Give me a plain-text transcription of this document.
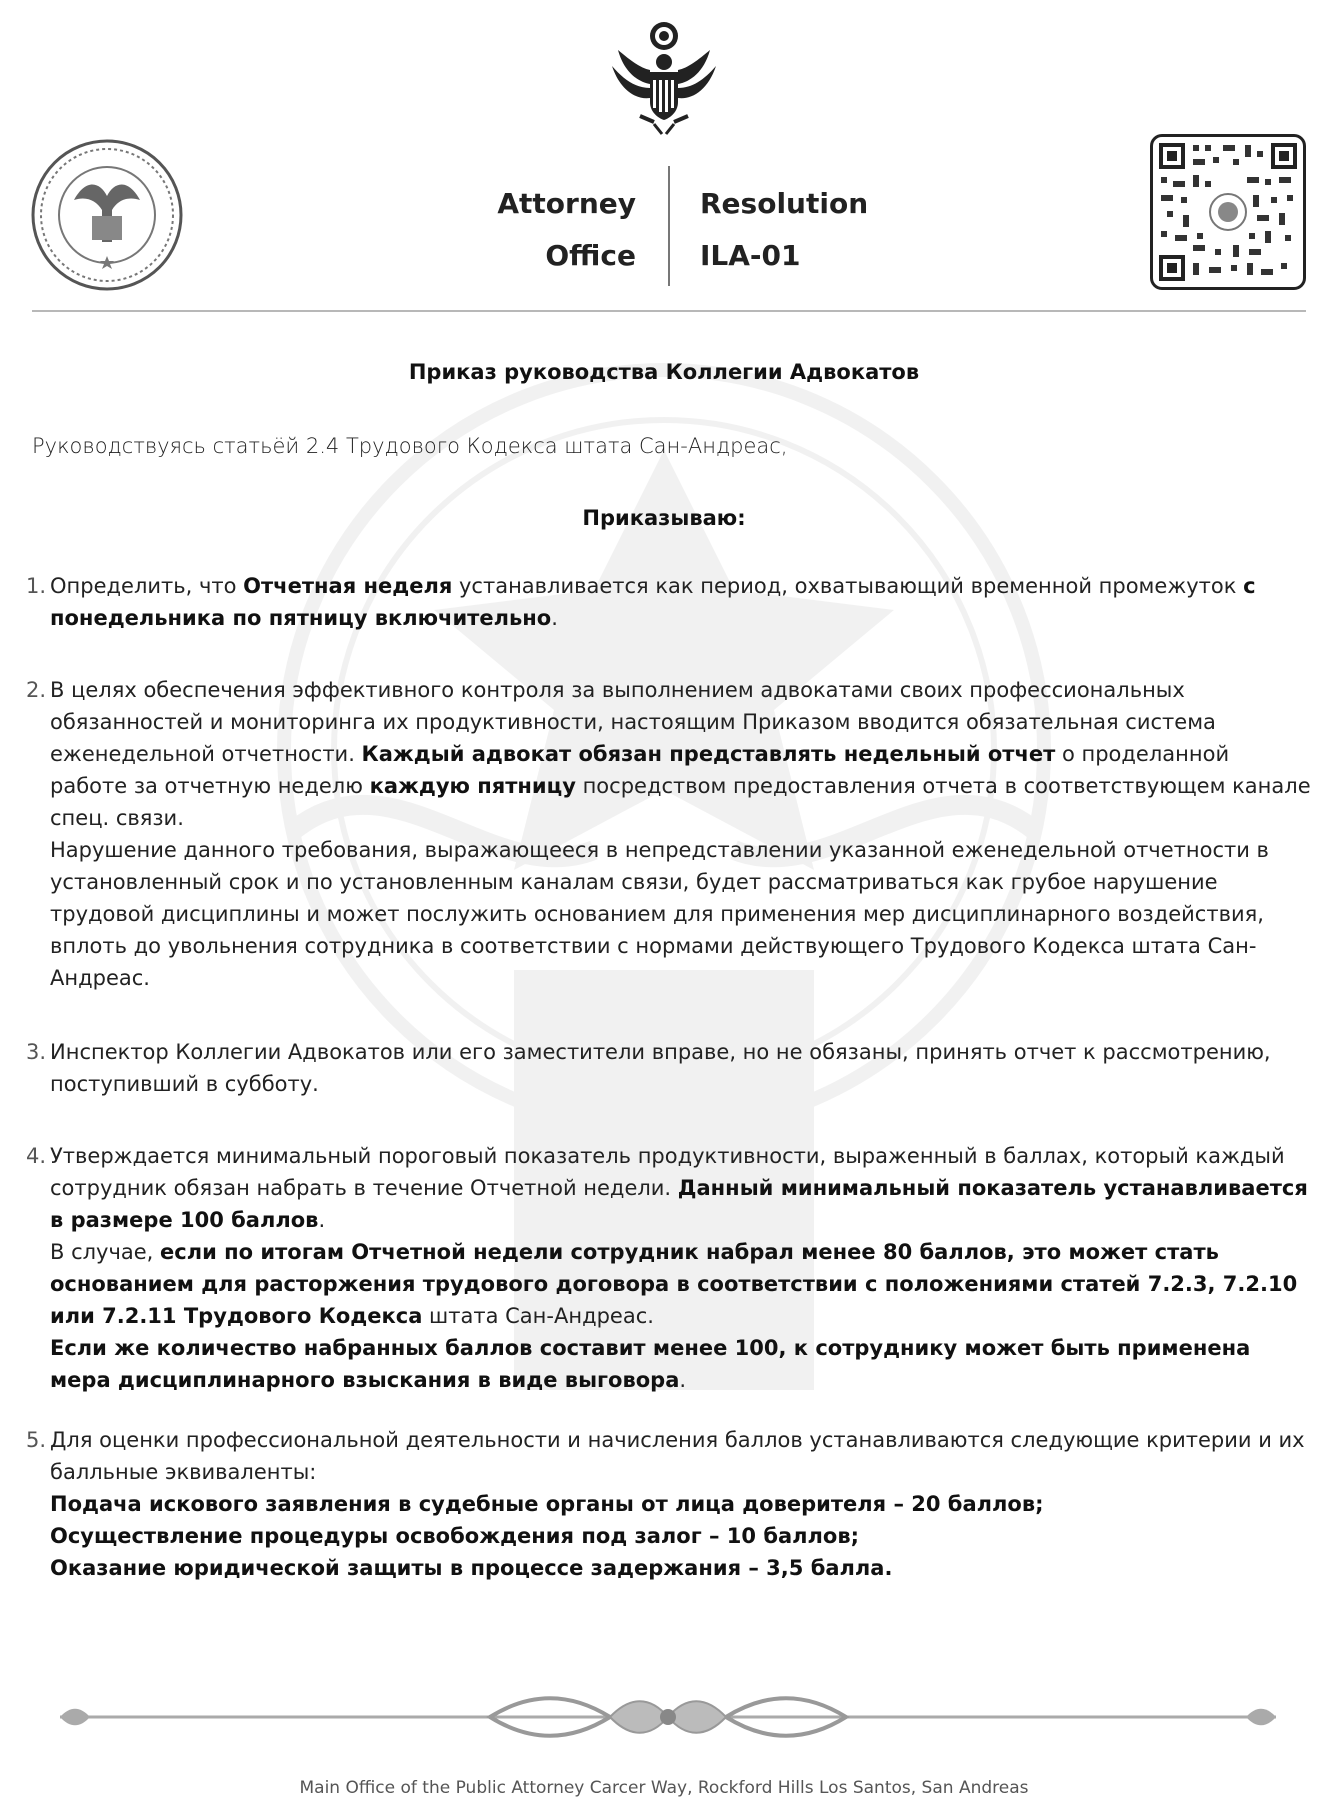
Attorney
Office
Resolution
ILA-01
Приказ руководства Коллегии Адвокатов
Руководствуясь статьёй 2.4 Трудового Кодекса штата Сан-Андреас,
Приказываю:
1. Определить, что Отчетная неделя устанавливается как период, охватывающий временной промежуток с понедельника по пятницу включительно.

2. В целях обеспечения эффективного контроля за выполнением адвокатами своих профессиональных обязанностей и мониторинга их продуктивности, настоящим Приказом вводится обязательная система еженедельной отчетности. Каждый адвокат обязан представлять недельный отчет о проделанной работе за отчетную неделю каждую пятницу посредством предоставления отчета в соответствующем канале спец. связи.

Нарушение данного требования, выражающееся в непредставлении указанной еженедельной отчетности в установленный срок и по установленным каналам связи, будет рассматриваться как грубое нарушение трудовой дисциплины и может послужить основанием для применения мер дисциплинарного воздействия, вплоть до увольнения сотрудника в соответствии с нормами действующего Трудового Кодекса штата Сан-Андреас.

3. Инспектор Коллегии Адвокатов или его заместители вправе, но не обязаны, принять отчет к рассмотрению, поступивший в субботу.

4. Утверждается минимальный пороговый показатель продуктивности, выраженный в баллах, который каждый сотрудник обязан набрать в течение Отчетной недели. Данный минимальный показатель устанавливается в размере 100 баллов.

В случае, если по итогам Отчетной недели сотрудник набрал менее 80 баллов, это может стать основанием для расторжения трудового договора в соответствии с положениями статей 7.2.3, 7.2.10 или 7.2.11 Трудового Кодекса штата Сан-Андреас.

Если же количество набранных баллов составит менее 100, к сотруднику может быть применена мера дисциплинарного взыскания в виде выговора.

5. Для оценки профессиональной деятельности и начисления баллов устанавливаются следующие критерии и их балльные эквиваленты:

Подача искового заявления в судебные органы от лица доверителя – 20 баллов;

Осуществление процедуры освобождения под залог – 10 баллов;

Оказание юридической защиты в процессе задержания – 3,5 балла.

Main Office of the Public Attorney Carcer Way, Rockford Hills Los Santos, San Andreas
